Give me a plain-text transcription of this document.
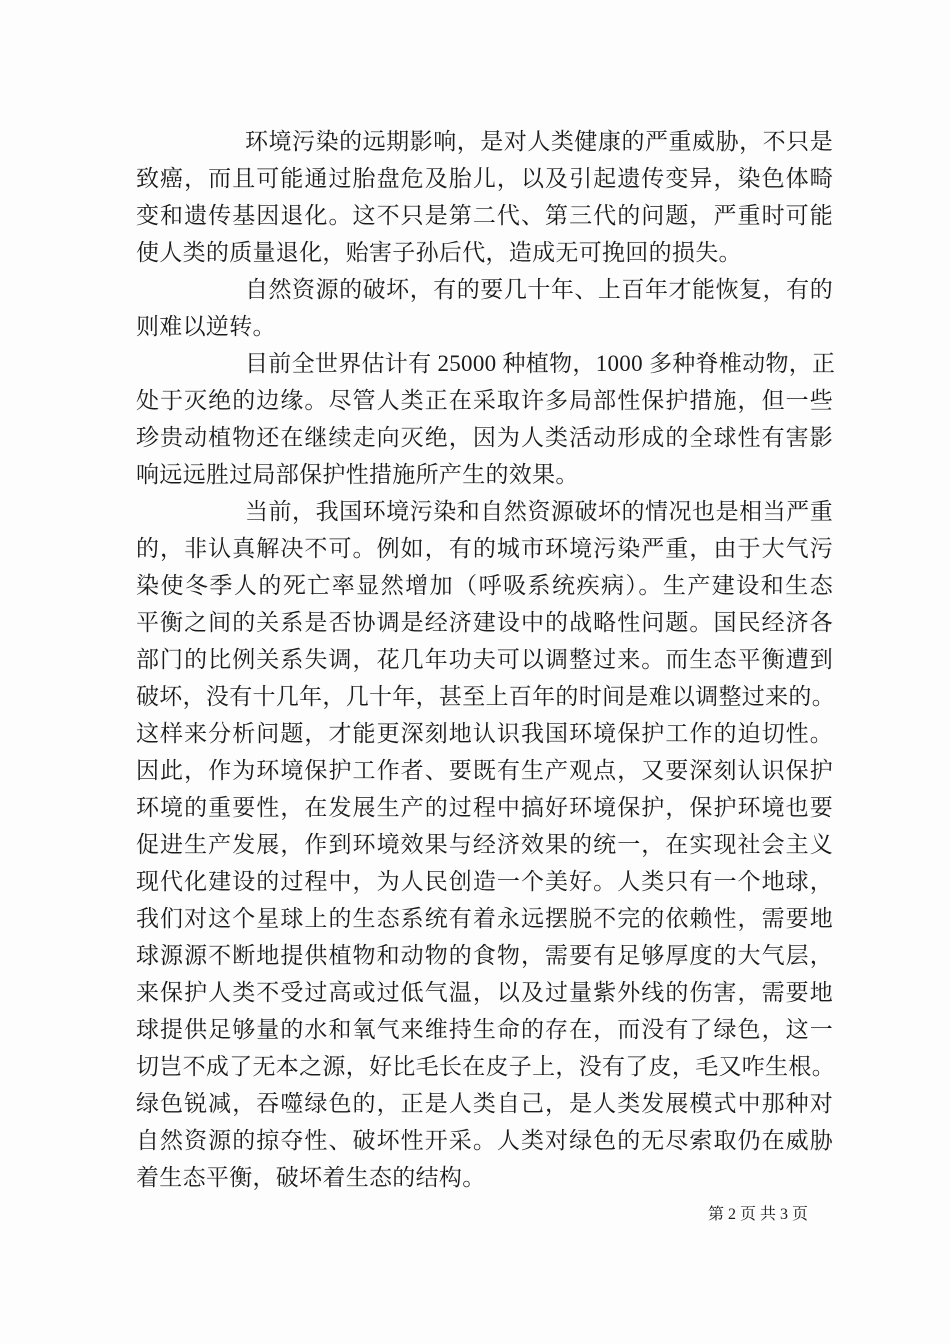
环境污染的远期影响，是对人类健康的严重威胁，不只是
致癌，而且可能通过胎盘危及胎儿，以及引起遗传变异，染色体畸
变和遗传基因退化。这不只是第二代、第三代的问题，严重时可能
使人类的质量退化，贻害子孙后代，造成无可挽回的损失。
自然资源的破坏，有的要几十年、上百年才能恢复，有的
则难以逆转。
目前全世界估计有 25000 种植物，1000 多种脊椎动物，正
处于灭绝的边缘。尽管人类正在采取许多局部性保护措施，但一些
珍贵动植物还在继续走向灭绝，因为人类活动形成的全球性有害影
响远远胜过局部保护性措施所产生的效果。
当前，我国环境污染和自然资源破坏的情况也是相当严重
的，非认真解决不可。例如，有的城市环境污染严重，由于大气污
染使冬季人的死亡率显然增加（呼吸系统疾病）。生产建设和生态
平衡之间的关系是否协调是经济建设中的战略性问题。国民经济各
部门的比例关系失调，花几年功夫可以调整过来。而生态平衡遭到
破坏，没有十几年，几十年，甚至上百年的时间是难以调整过来的。
这样来分析问题，才能更深刻地认识我国环境保护工作的迫切性。
因此，作为环境保护工作者、要既有生产观点，又要深刻认识保护
环境的重要性，在发展生产的过程中搞好环境保护，保护环境也要
促进生产发展，作到环境效果与经济效果的统一，在实现社会主义
现代化建设的过程中，为人民创造一个美好。人类只有一个地球，
我们对这个星球上的生态系统有着永远摆脱不完的依赖性，需要地
球源源不断地提供植物和动物的食物，需要有足够厚度的大气层，
来保护人类不受过高或过低气温，以及过量紫外线的伤害，需要地
球提供足够量的水和氧气来维持生命的存在，而没有了绿色，这一
切岂不成了无本之源，好比毛长在皮子上，没有了皮，毛又咋生根。
绿色锐减，吞噬绿色的，正是人类自己，是人类发展模式中那种对
自然资源的掠夺性、破坏性开采。人类对绿色的无尽索取仍在威胁
着生态平衡，破坏着生态的结构。
第 2 页 共 3 页
